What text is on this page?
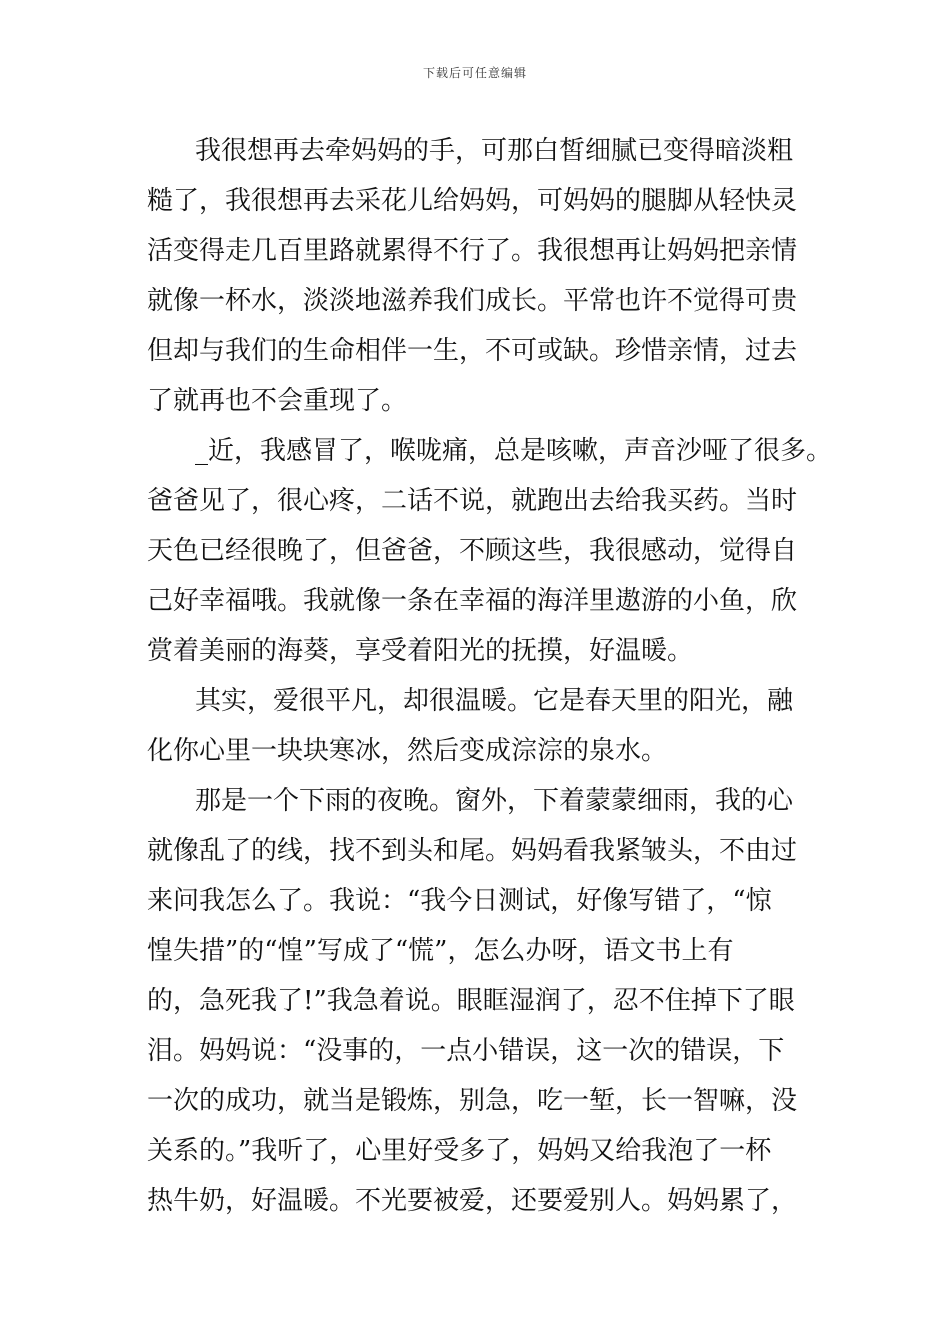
下载后可任意编辑
我很想再去牵妈妈的手，可那白皙细腻已变得暗淡粗
糙了，我很想再去采花儿给妈妈，可妈妈的腿脚从轻快灵
活变得走几百里路就累得不行了。我很想再让妈妈把亲情
就像一杯水，淡淡地滋养我们成长。平常也许不觉得可贵
但却与我们的生命相伴一生，不可或缺。珍惜亲情，过去
了就再也不会重现了。
_近，我感冒了，喉咙痛，总是咳嗽，声音沙哑了很多。
爸爸见了，很心疼，二话不说，就跑出去给我买药。当时
天色已经很晚了，但爸爸，不顾这些，我很感动，觉得自
己好幸福哦。我就像一条在幸福的海洋里遨游的小鱼，欣
赏着美丽的海葵，享受着阳光的抚摸，好温暖。
其实，爱很平凡，却很温暖。它是春天里的阳光，融
化你心里一块块寒冰，然后变成淙淙的泉水。
那是一个下雨的夜晚。窗外，下着蒙蒙细雨，我的心
就像乱了的线，找不到头和尾。妈妈看我紧皱头，不由过
来问我怎么了。我说：“我今日测试，好像写错了，“惊
惶失措”的“惶”写成了“慌”，怎么办呀，语文书上有
的，急死我了!”我急着说。眼眶湿润了，忍不住掉下了眼
泪。妈妈说：“没事的，一点小错误，这一次的错误，下
一次的成功，就当是锻炼，别急，吃一堑，长一智嘛，没
关系的。”我听了，心里好受多了，妈妈又给我泡了一杯
热牛奶，好温暖。不光要被爱，还要爱别人。妈妈累了，
